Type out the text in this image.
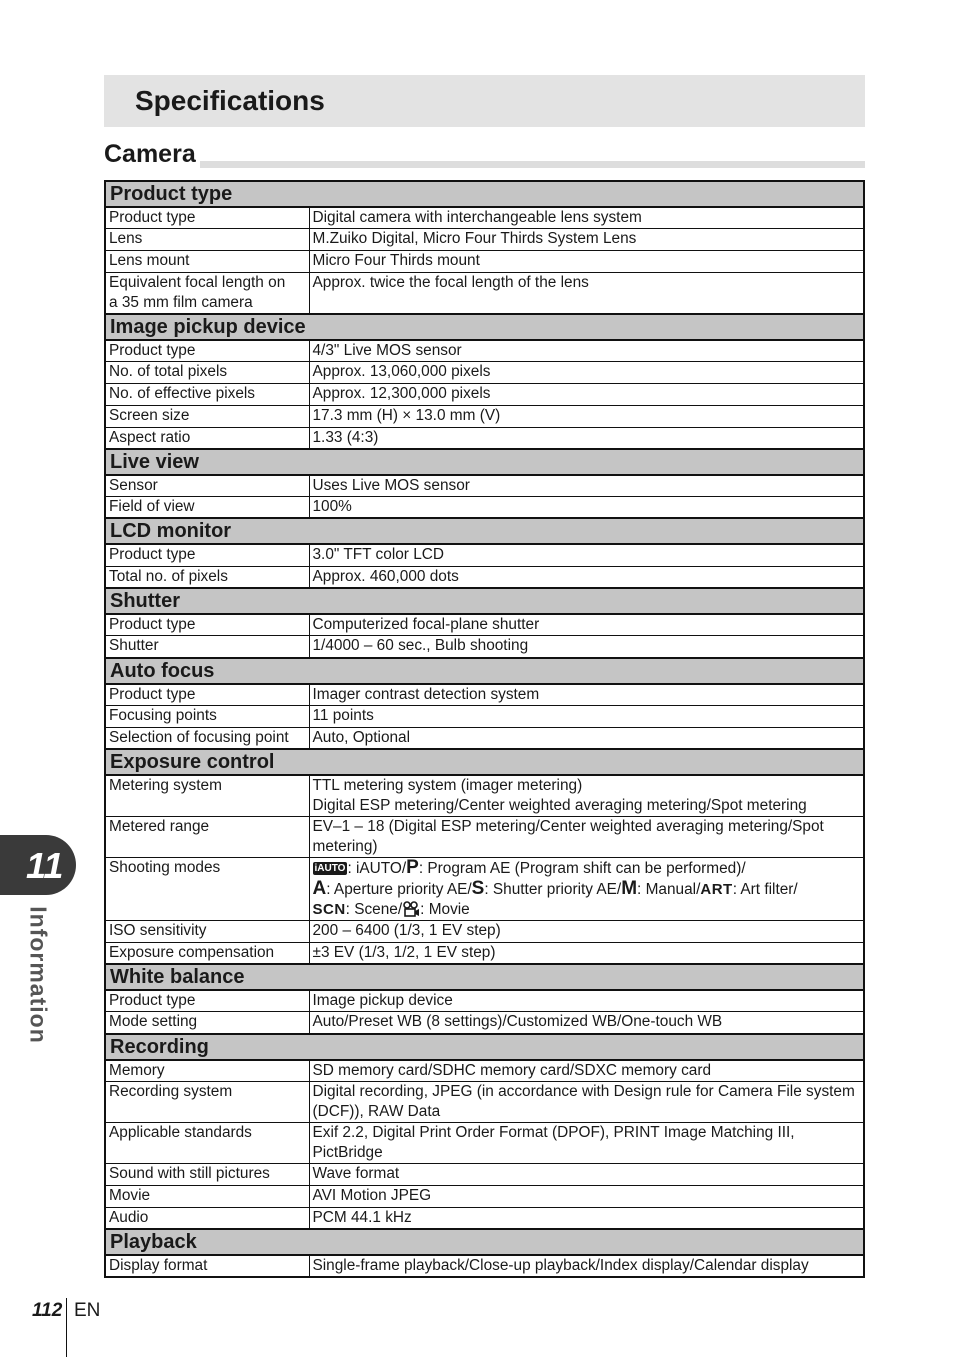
Specifications
Camera
Product type	
Product type	Digital camera with interchangeable lens system
Lens	M.Zuiko Digital, Micro Four Thirds System Lens
Lens mount	Micro Four Thirds mount
Equivalent focal length on
a 35 mm film camera	Approx. twice the focal length of the lens
Image pickup device	
Product type	4/3" Live MOS sensor
No. of total pixels	Approx. 13,060,000 pixels
No. of effective pixels	Approx. 12,300,000 pixels
Screen size	17.3 mm (H) × 13.0 mm (V)
Aspect ratio	1.33 (4:3)
Live view	
Sensor	Uses Live MOS sensor
Field of view	100%
LCD monitor	
Product type	3.0" TFT color LCD
Total no. of pixels	Approx. 460,000 dots
Shutter	
Product type	Computerized focal-plane shutter
Shutter	1/4000 – 60 sec., Bulb shooting
Auto focus	
Product type	Imager contrast detection system
Focusing points	11 points
Selection of focusing point	Auto, Optional
Exposure control	
Metering system	TTL metering system (imager metering)
Digital ESP metering/Center weighted averaging metering/Spot metering
Metered range	EV–1 – 18 (Digital ESP metering/Center weighted averaging metering/Spot metering)
Shooting modes	iAUTO : iAUTO/P: Program AE (Program shift can be performed)/
A: Aperture priority AE/S: Shutter priority AE/M: Manual/ART: Art filter/
SCN: Scene/ : Movie
ISO sensitivity	200 – 6400 (1/3, 1 EV step)
Exposure compensation	±3 EV (1/3, 1/2, 1 EV step)
White balance	
Product type	Image pickup device
Mode setting	Auto/Preset WB (8 settings)/Customized WB/One-touch WB
Recording	
Memory	SD memory card/SDHC memory card/SDXC memory card
Recording system	Digital recording, JPEG (in accordance with Design rule for Camera File system (DCF)), RAW Data
Applicable standards	Exif 2.2, Digital Print Order Format (DPOF), PRINT Image Matching III, PictBridge
Sound with still pictures	Wave format
Movie	AVI Motion JPEG
Audio	PCM 44.1 kHz
Playback	
Display format	Single-frame playback/Close-up playback/Index display/Calendar display
11
Information
112 EN
